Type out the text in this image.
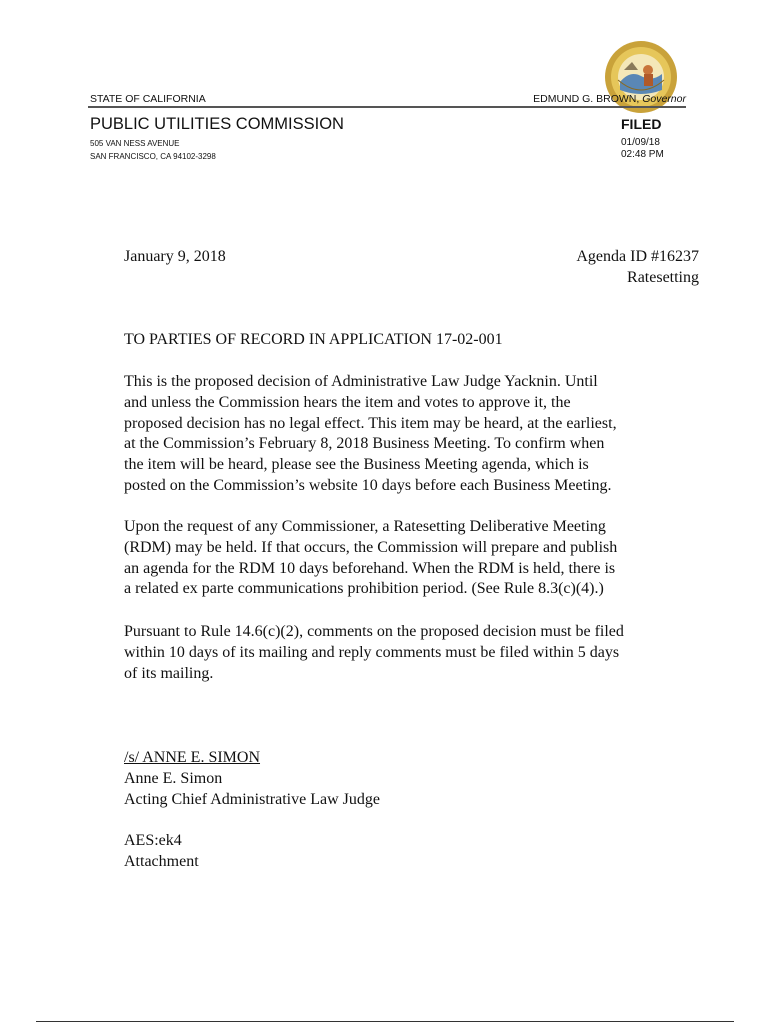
STATE OF CALIFORNIA	EDMUND G. BROWN, Governor
PUBLIC UTILITIES COMMISSION
505 VAN NESS AVENUE
SAN FRANCISCO, CA 94102-3298
FILED
01/09/18
02:48 PM
January 9, 2018	Agenda ID #16237
Ratesetting
TO PARTIES OF RECORD IN APPLICATION 17-02-001
This is the proposed decision of Administrative Law Judge Yacknin. Until
and unless the Commission hears the item and votes to approve it, the
proposed decision has no legal effect. This item may be heard, at the earliest,
at the Commission’s February 8, 2018 Business Meeting. To confirm when
the item will be heard, please see the Business Meeting agenda, which is
posted on the Commission’s website 10 days before each Business Meeting.
Upon the request of any Commissioner, a Ratesetting Deliberative Meeting
(RDM) may be held. If that occurs, the Commission will prepare and publish
an agenda for the RDM 10 days beforehand. When the RDM is held, there is
a related ex parte communications prohibition period. (See Rule 8.3(c)(4).)
Pursuant to Rule 14.6(c)(2), comments on the proposed decision must be filed
within 10 days of its mailing and reply comments must be filed within 5 days
of its mailing.
/s/ ANNE E. SIMON
Anne E. Simon
Acting Chief Administrative Law Judge
AES:ek4
Attachment
